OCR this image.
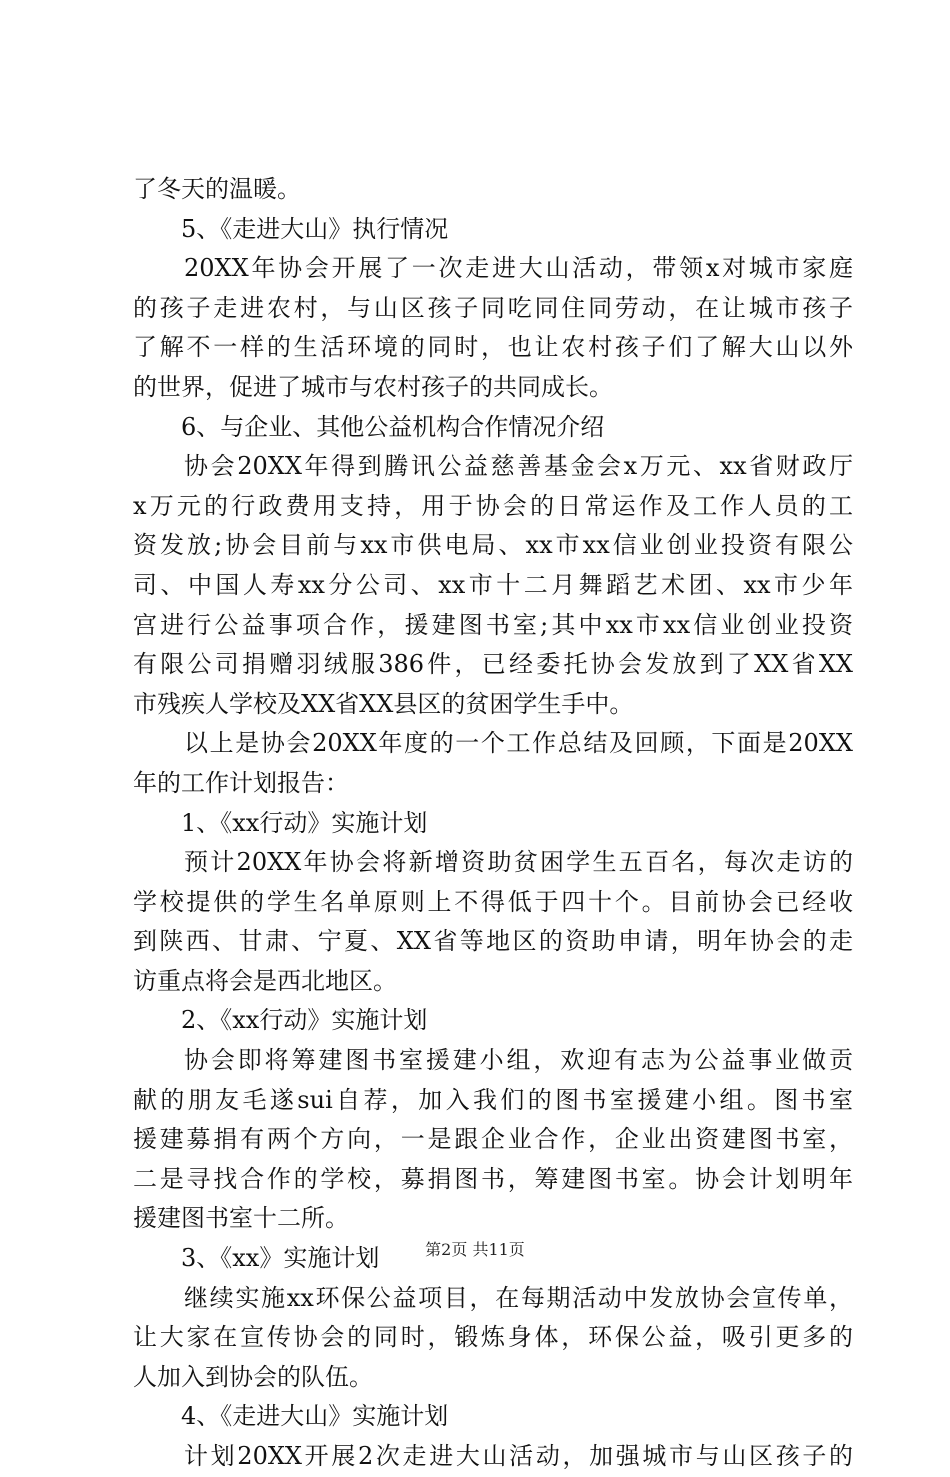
了冬天的温暖。
5、《走进大山》执行情况
20XX年协会开展了一次走进大山活动，带领x对城市家庭
的孩子走进农村，与山区孩子同吃同住同劳动，在让城市孩子
了解不一样的生活环境的同时，也让农村孩子们了解大山以外
的世界，促进了城市与农村孩子的共同成长。
6、与企业、其他公益机构合作情况介绍
协会20XX年得到腾讯公益慈善基金会x万元、xx省财政厅
x万元的行政费用支持，用于协会的日常运作及工作人员的工
资发放;协会目前与xx市供电局、xx市xx信业创业投资有限公
司、中国人寿xx分公司、xx市十二月舞蹈艺术团、xx市少年
宫进行公益事项合作，援建图书室;其中xx市xx信业创业投资
有限公司捐赠羽绒服386件，已经委托协会发放到了XX省XX
市残疾人学校及XX省XX县区的贫困学生手中。
以上是协会20XX年度的一个工作总结及回顾，下面是20XX
年的工作计划报告：
1、《xx行动》实施计划
预计20XX年协会将新增资助贫困学生五百名，每次走访的
学校提供的学生名单原则上不得低于四十个。目前协会已经收
到陕西、甘肃、宁夏、XX省等地区的资助申请，明年协会的走
访重点将会是西北地区。
2、《xx行动》实施计划
协会即将筹建图书室援建小组，欢迎有志为公益事业做贡
献的朋友毛遂sui自荐，加入我们的图书室援建小组。图书室
援建募捐有两个方向，一是跟企业合作，企业出资建图书室，
二是寻找合作的学校，募捐图书，筹建图书室。协会计划明年
援建图书室十二所。
3、《xx》实施计划
继续实施xx环保公益项目，在每期活动中发放协会宣传单，
让大家在宣传协会的同时，锻炼身体，环保公益，吸引更多的
人加入到协会的队伍。
4、《走进大山》实施计划
计划20XX开展2次走进大山活动，加强城市与山区孩子的
第2页 共11页
